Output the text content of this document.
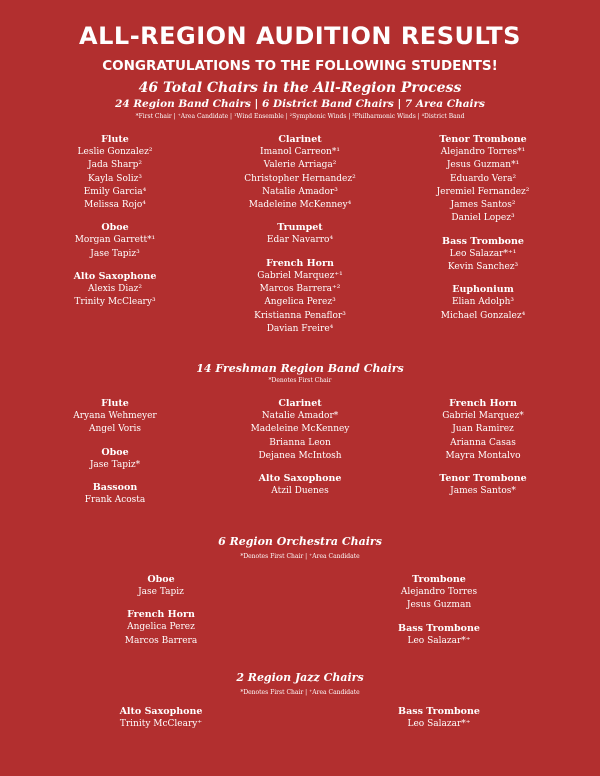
ALL-REGION AUDITION RESULTS
CONGRATULATIONS TO THE FOLLOWING STUDENTS!
46 Total Chairs in the All-Region Process
24 Region Band Chairs | 6 District Band Chairs | 7 Area Chairs
*First Chair | ⁺Area Candidate | ¹Wind Ensemble | ²Symphonic Winds | ³Philharmonic Winds | ⁴District Band
Flute
Leslie Gonzalez²
Jada Sharp²
Kayla Soliz³
Emily Garcia⁴
Melissa Rojo⁴
Oboe
Morgan Garrett*¹
Jase Tapiz³
Alto Saxophone
Alexis Diaz²
Trinity McCleary³
Clarinet
Imanol Carreon*¹
Valerie Arriaga²
Christopher Hernandez²
Natalie Amador³
Madeleine McKenney⁴
Trumpet
Edar Navarro⁴
French Horn
Gabriel Marquez⁺¹
Marcos Barrera⁺²
Angelica Perez³
Kristianna Penaflor³
Davian Freire⁴
Tenor Trombone
Alejandro Torres*¹
Jesus Guzman*¹
Eduardo Vera²
Jeremiel Fernandez²
James Santos²
Daniel Lopez³
Bass Trombone
Leo Salazar*⁺¹
Kevin Sanchez³
Euphonium
Elian Adolph³
Michael Gonzalez⁴
14 Freshman Region Band Chairs
*Denotes First Chair
Flute
Aryana Wehmeyer
Angel Voris
Oboe
Jase Tapiz*
Bassoon
Frank Acosta
Clarinet
Natalie Amador*
Madeleine McKenney
Brianna Leon
Dejanea McIntosh
Alto Saxophone
Atzil Duenes
French Horn
Gabriel Marquez*
Juan Ramirez
Arianna Casas
Mayra Montalvo
Tenor Trombone
James Santos*
6 Region Orchestra Chairs
*Denotes First Chair | ⁺Area Candidate
Oboe
Jase Tapiz
French Horn
Angelica Perez
Marcos Barrera
Trombone
Alejandro Torres
Jesus Guzman
Bass Trombone
Leo Salazar*⁺
2 Region Jazz Chairs
*Denotes First Chair | ⁺Area Candidate
Alto Saxophone
Trinity McCleary⁺
Bass Trombone
Leo Salazar*⁺
